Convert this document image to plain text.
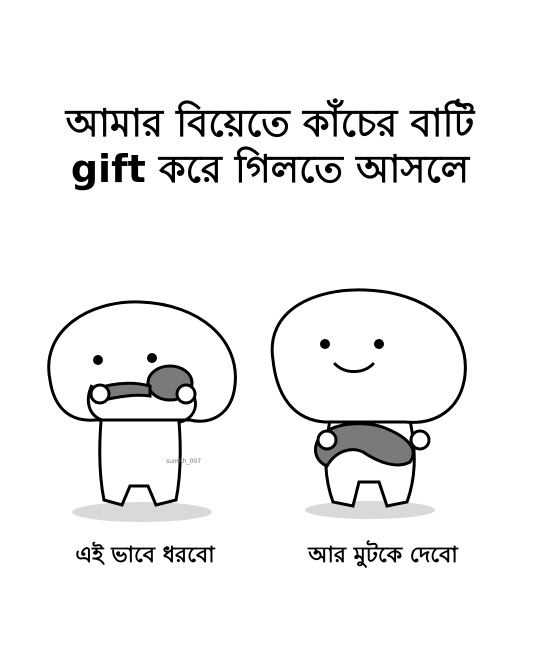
আমার বিয়েতে কাঁচের বাটি
gift করে গিলতে আসলে
sumith_007
এই ভাবে ধরবো	আর মুটকে দেবো
